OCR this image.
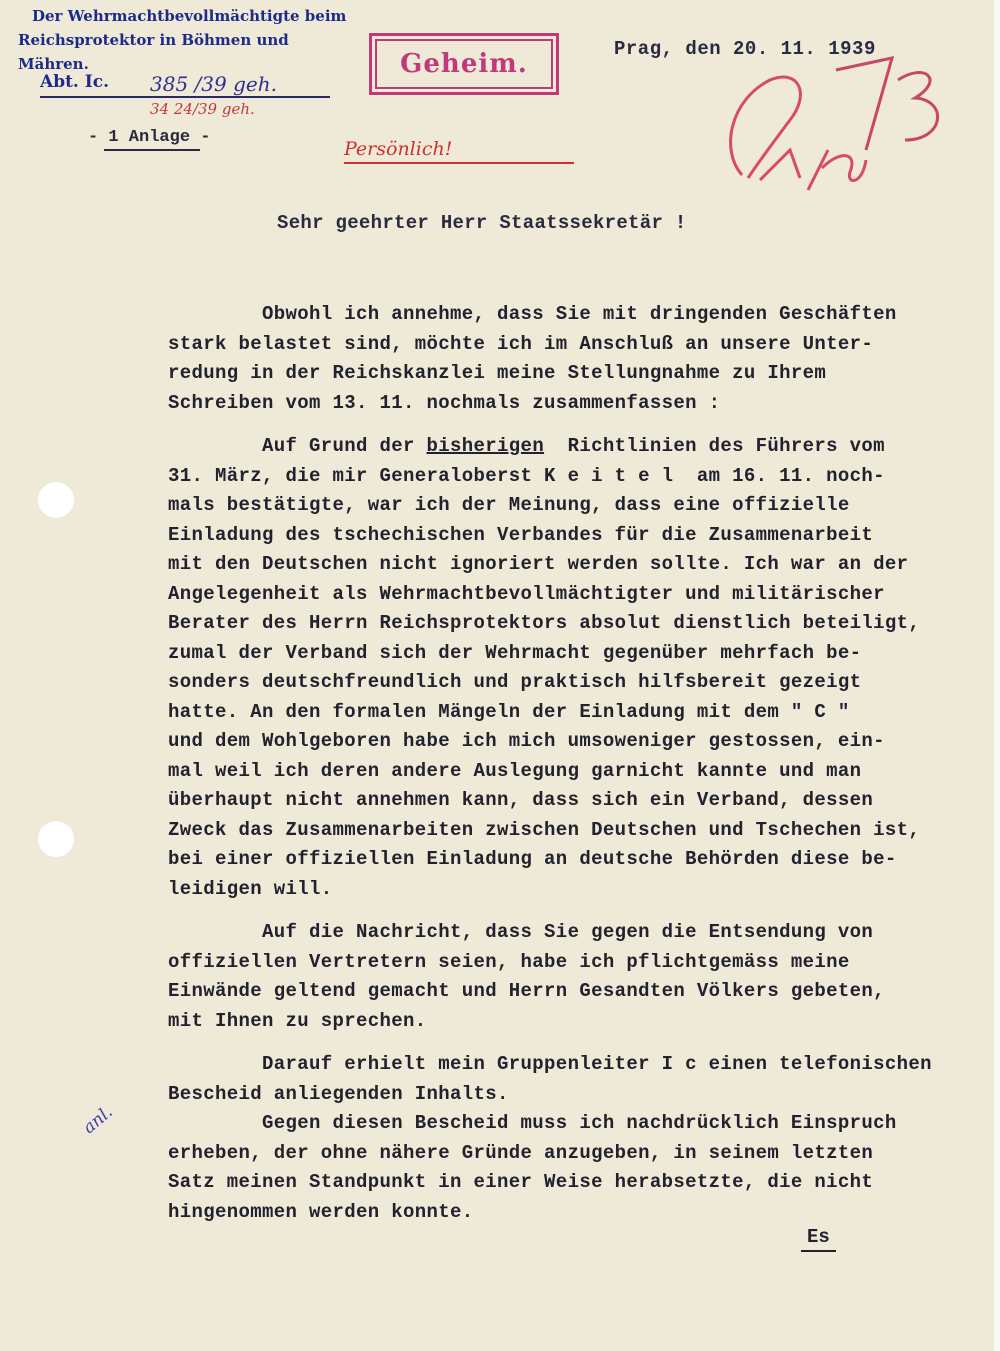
Der Wehrmachtbevollmächtigte beim
Reichsprotektor in Böhmen und Mähren.
Abt. Ic. 385 /39 geh.
34 24/39 geh.
- 1 Anlage -
Geheim.	Prag, den 20. 11. 1939
Persönlich!
Sehr geehrter Herr Staatssekretär !
Obwohl ich annehme, dass Sie mit dringenden Geschäften
stark belastet sind, möchte ich im Anschluß an unsere Unter-
redung in der Reichskanzlei meine Stellungnahme zu Ihrem
Schreiben vom 13. 11. nochmals zusammenfassen :
Auf Grund der bisherigen  Richtlinien des Führers vom
31. März, die mir Generaloberst K e i t e l  am 16. 11. noch-
mals bestätigte, war ich der Meinung, dass eine offizielle
Einladung des tschechischen Verbandes für die Zusammenarbeit
mit den Deutschen nicht ignoriert werden sollte. Ich war an der
Angelegenheit als Wehrmachtbevollmächtigter und militärischer
Berater des Herrn Reichsprotektors absolut dienstlich beteiligt,
zumal der Verband sich der Wehrmacht gegenüber mehrfach be-
sonders deutschfreundlich und praktisch hilfsbereit gezeigt
hatte. An den formalen Mängeln der Einladung mit dem " C "
und dem Wohlgeboren habe ich mich umsoweniger gestossen, ein-
mal weil ich deren andere Auslegung garnicht kannte und man
überhaupt nicht annehmen kann, dass sich ein Verband, dessen
Zweck das Zusammenarbeiten zwischen Deutschen und Tschechen ist,
bei einer offiziellen Einladung an deutsche Behörden diese be-
leidigen will.
Auf die Nachricht, dass Sie gegen die Entsendung von
offiziellen Vertretern seien, habe ich pflichtgemäss meine
Einwände geltend gemacht und Herrn Gesandten Völkers gebeten,
mit Ihnen zu sprechen.
Darauf erhielt mein Gruppenleiter I c einen telefonischen
Bescheid anliegenden Inhalts.
Gegen diesen Bescheid muss ich nachdrücklich Einspruch
erheben, der ohne nähere Gründe anzugeben, in seinem letzten
Satz meinen Standpunkt in einer Weise herabsetzte, die nicht
hingenommen werden konnte.
anl.
Es
